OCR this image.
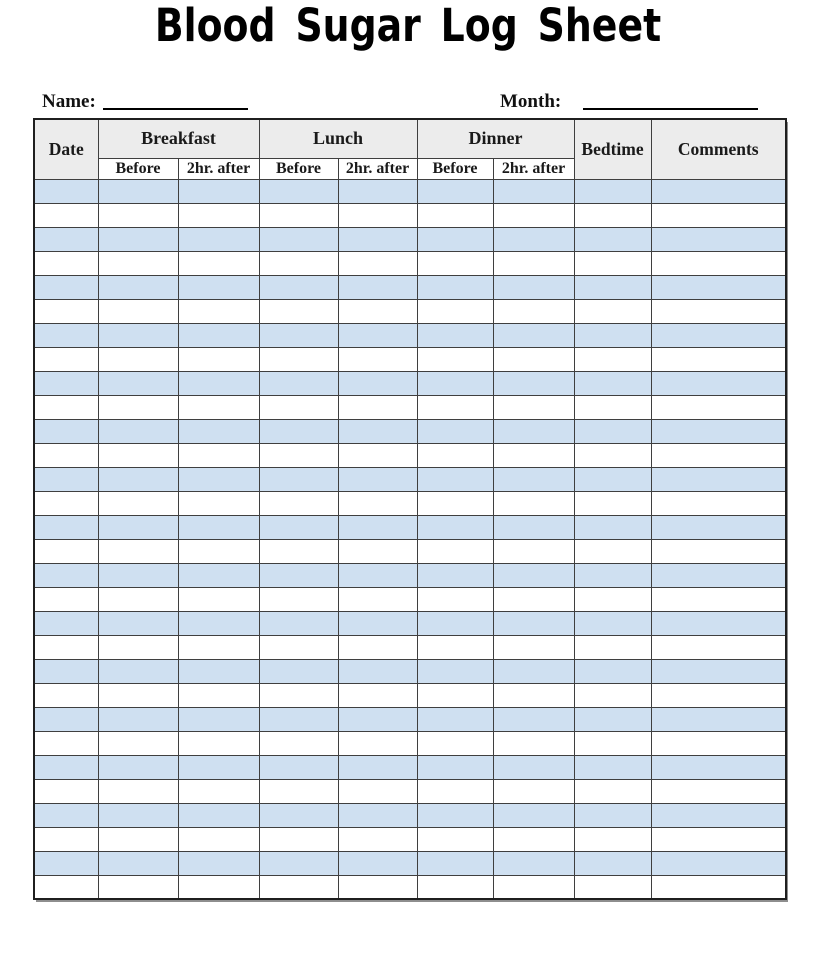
Blood Sugar Log Sheet
Name:	Month:
Date	Breakfast		Lunch		Dinner		Bedtime	Comments
	Before	2hr. after	Before	2hr. after	Before	2hr. after		
